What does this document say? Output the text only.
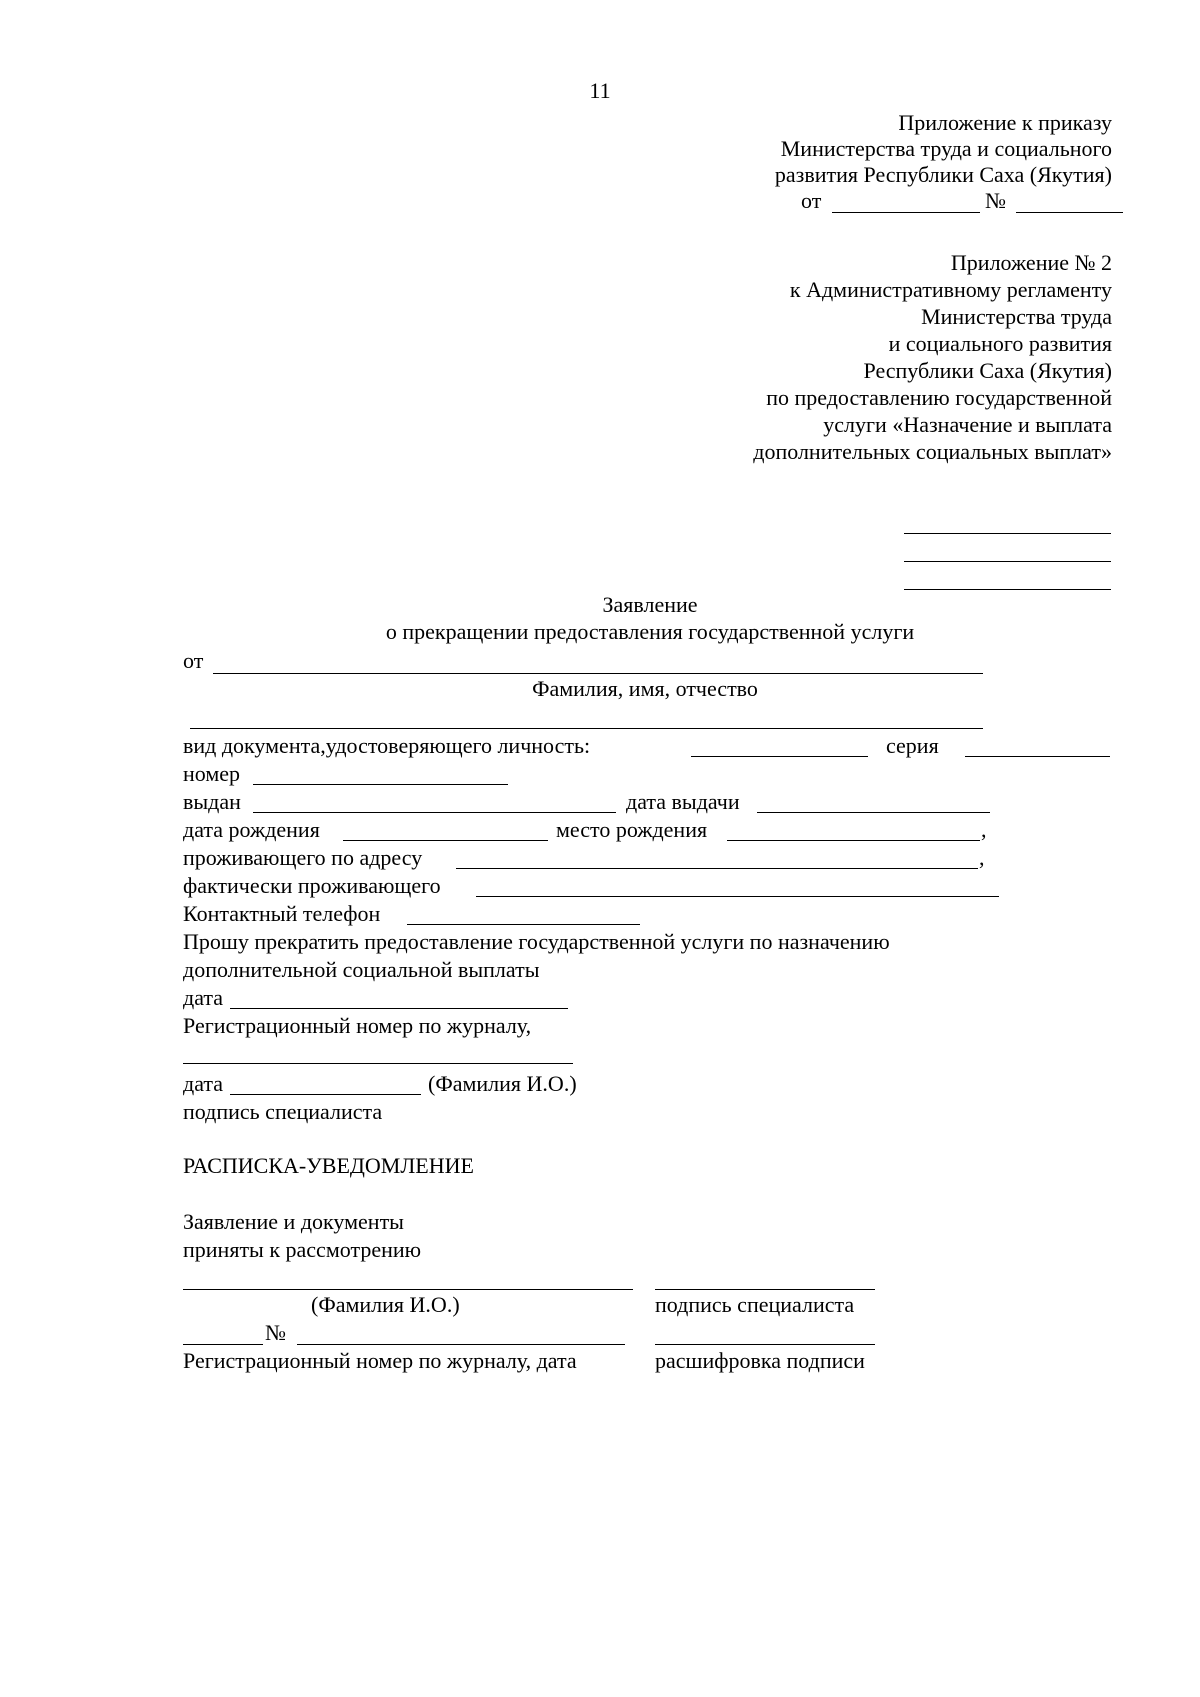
11
Приложение к приказу
Министерства труда и социального
развития Республики Саха (Якутия)
от	№
Приложение № 2
к Административному регламенту
Министерства труда
и социального развития
Республики Саха (Якутия)
по предоставлению государственной
услуги «Назначение и выплата
дополнительных социальных выплат»
Заявление
о прекращении предоставления государственной услуги
от
Фамилия, имя, отчество
вид документа,удостоверяющего личность:	серия
номер
выдан	дата выдачи
дата рождения	место рождения	,
проживающего по адресу	,
фактически проживающего
Контактный телефон
Прошу прекратить предоставление государственной услуги по назначению
дополнительной социальной выплаты
дата
Регистрационный номер по журналу,
дата	(Фамилия И.О.)
подпись специалиста
РАСПИСКА-УВЕДОМЛЕНИЕ
Заявление и документы
приняты к рассмотрению
(Фамилия И.О.)	подпись специалиста
№
Регистрационный номер по журналу, дата	расшифровка подписи
